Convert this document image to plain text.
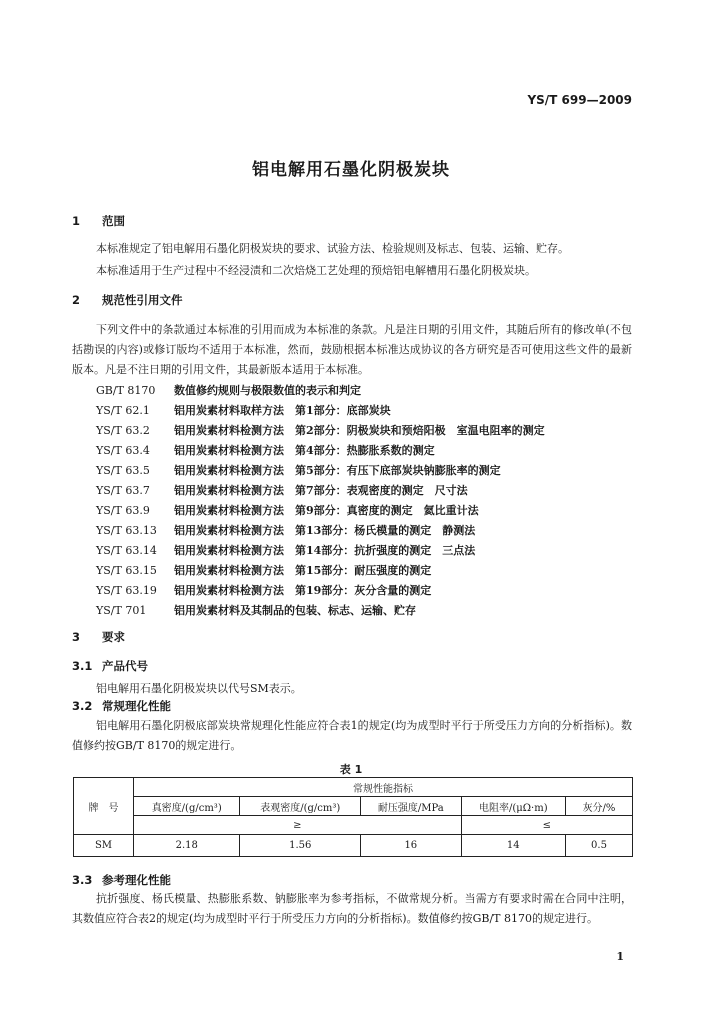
YS/T 699—2009
铝电解用石墨化阴极炭块
1 范围
本标准规定了铝电解用石墨化阴极炭块的要求、试验方法、检验规则及标志、包装、运输、贮存。
本标准适用于生产过程中不经浸渍和二次焙烧工艺处理的预焙铝电解槽用石墨化阴极炭块。
2 规范性引用文件
下列文件中的条款通过本标准的引用而成为本标准的条款。凡是注日期的引用文件，其随后所有的修改单(不包括勘误的内容)或修订版均不适用于本标准，然而，鼓励根据本标准达成协议的各方研究是否可使用这些文件的最新版本。凡是不注日期的引用文件，其最新版本适用于本标准。
GB/T 8170 数值修约规则与极限数值的表示和判定
YS/T 62.1 铝用炭素材料取样方法　第1部分：底部炭块
YS/T 63.2 铝用炭素材料检测方法　第2部分：阴极炭块和预焙阳极　室温电阻率的测定
YS/T 63.4 铝用炭素材料检测方法　第4部分：热膨胀系数的测定
YS/T 63.5 铝用炭素材料检测方法　第5部分：有压下底部炭块钠膨胀率的测定
YS/T 63.7 铝用炭素材料检测方法　第7部分：表观密度的测定　尺寸法
YS/T 63.9 铝用炭素材料检测方法　第9部分：真密度的测定　氦比重计法
YS/T 63.13 铝用炭素材料检测方法　第13部分：杨氏模量的测定　静测法
YS/T 63.14 铝用炭素材料检测方法　第14部分：抗折强度的测定　三点法
YS/T 63.15 铝用炭素材料检测方法　第15部分：耐压强度的测定
YS/T 63.19 铝用炭素材料检测方法　第19部分：灰分含量的测定
YS/T 701	铝用炭素材料及其制品的包装、标志、运输、贮存
3 要求
3.1 产品代号
铝电解用石墨化阴极炭块以代号SM表示。
3.2 常规理化性能
铝电解用石墨化阴极底部炭块常规理化性能应符合表1的规定(均为成型时平行于所受压力方向的分析指标)。数值修约按GB/T 8170的规定进行。
表 1
牌　号	常规性能指标				
	真密度/(g/cm³)	表观密度/(g/cm³)	耐压强度/MPa	电阻率/(μΩ·m)	灰分/%
	≥			≤	
SM	2.18	1.56	16	14	0.5
3.3 参考理化性能
抗折强度、杨氏模量、热膨胀系数、钠膨胀率为参考指标，不做常规分析。当需方有要求时需在合同中注明，其数值应符合表2的规定(均为成型时平行于所受压力方向的分析指标)。数值修约按GB/T 8170的规定进行。
1
